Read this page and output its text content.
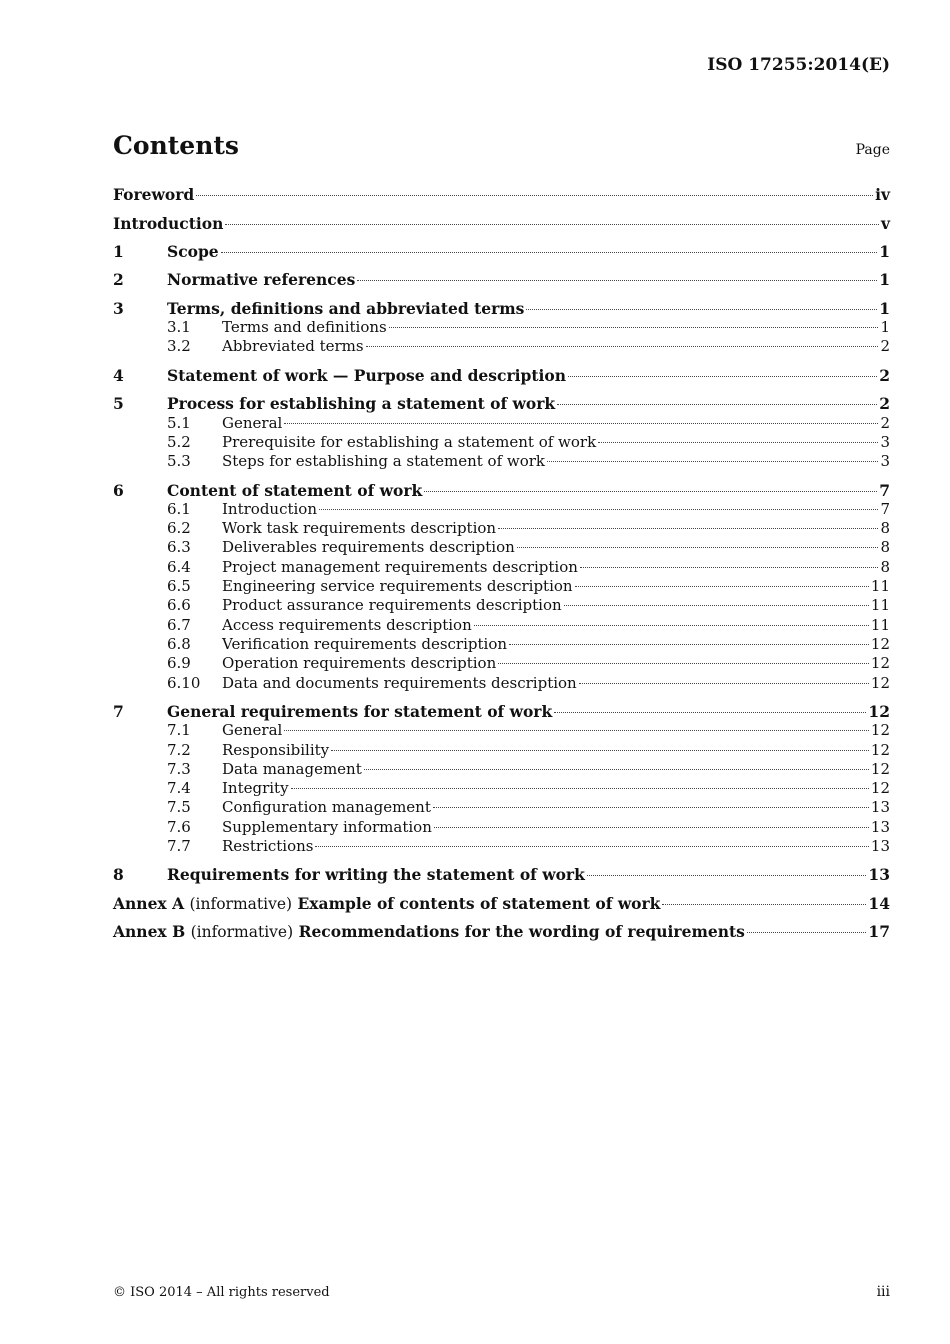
ISO 17255:2014(E)
Contents	Page
Foreword	iv
Introduction	v
1	Scope	1
2	Normative references	1
3	Terms, definitions and abbreviated terms	1
3.1	Terms and definitions	1
3.2	Abbreviated terms	2
4	Statement of work — Purpose and description	2
5	Process for establishing a statement of work	2
5.1	General	2
5.2	Prerequisite for establishing a statement of work	3
5.3	Steps for establishing a statement of work	3
6	Content of statement of work	7
6.1	Introduction	7
6.2	Work task requirements description	8
6.3	Deliverables requirements description	8
6.4	Project management requirements description	8
6.5	Engineering service requirements description	11
6.6	Product assurance requirements description	11
6.7	Access requirements description	11
6.8	Verification requirements description	12
6.9	Operation requirements description	12
6.10	Data and documents requirements description	12
7	General requirements for statement of work	12
7.1	General	12
7.2	Responsibility	12
7.3	Data management	12
7.4	Integrity	12
7.5	Configuration management	13
7.6	Supplementary information	13
7.7	Restrictions	13
8	Requirements for writing the statement of work	13
Annex A (informative) Example of contents of statement of work	14
Annex B (informative) Recommendations for the wording of requirements	17
© ISO 2014 – All rights reserved	iii
